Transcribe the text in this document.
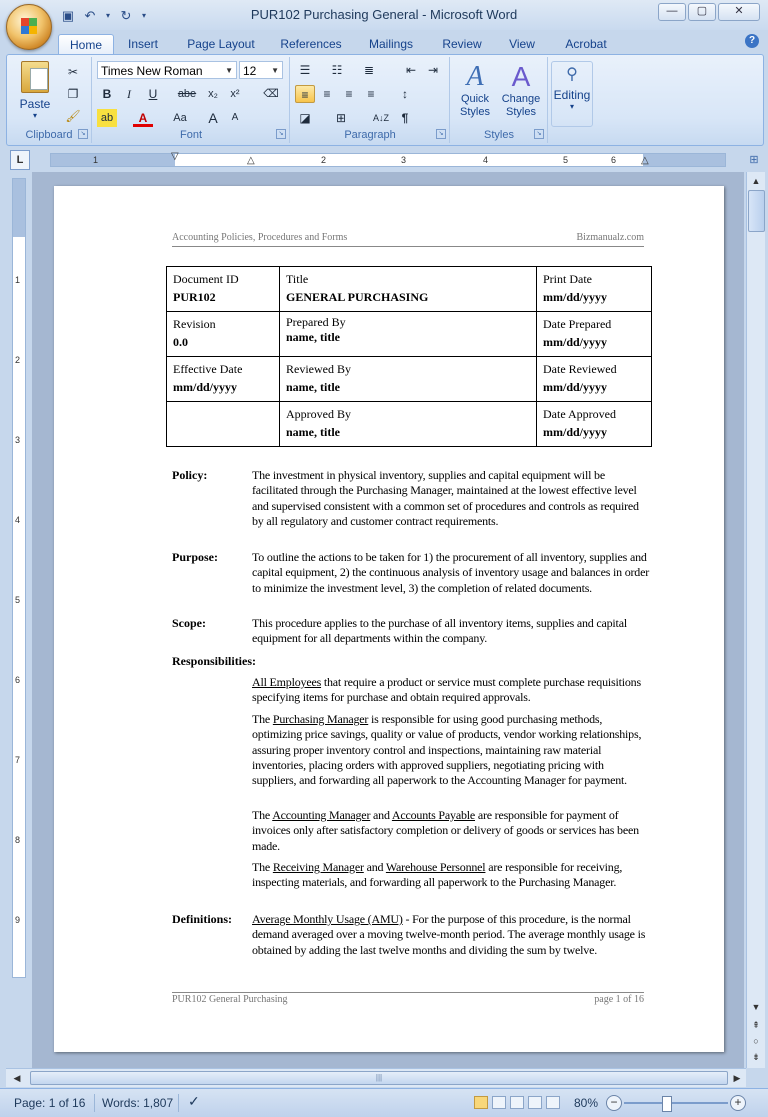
▣ ↶	▾ ↻	▾	PUR102 Purchasing General - Microsoft Word	—	▢	✕
Home	Insert	Page Layout	References	Mailings	Review	View	Acrobat	?
Paste
▾
✂
❐
🖌
Clipboard	↘
Times New Roman	▼ 12 ▼
B	I	U	abe	x₂	x²	⌫
ab	A	Aa	A	A
Font	↘
☰	☷	≣	⇤ ⇥
≡	≡	≡	≡	↕
◪	⊞	A↓Z	¶
Paragraph	↘
A
Quick Styles
A
Change Styles
Styles	↘
⚲
Editing
▾
L	1	2	3	4	5	6
▽	△	△	⊞
1
2
3
4
5
6
7
8
9
Accounting Policies, Procedures and Forms	Bizmanualz.com
Document ID
PUR102	Title
GENERAL PURCHASING	Print Date
mm/dd/yyyy

Revision
0.0	Prepared By
name, title	Date Prepared
mm/dd/yyyy

Effective Date
mm/dd/yyyy	Reviewed By
name, title	Date Reviewed
mm/dd/yyyy

	Approved By
name, title	Date Approved
mm/dd/yyyy
Policy:	The investment in physical inventory, supplies and capital equipment will be facilitated through the Purchasing Manager, maintained at the lowest effective level and supervised consistent with a common set of procedures and controls as required by all regulatory and customer contract requirements.
Purpose:	To outline the actions to be taken for 1) the procurement of all inventory, supplies and capital equipment, 2) the continuous analysis of inventory usage and balances in order to minimize the investment level, 3) the completion of related documents.
Scope:	This procedure applies to the purchase of all inventory items, supplies and capital equipment for all departments within the company.
Responsibilities:
All Employees that require a product or service must complete purchase requisitions specifying items for purchase and obtain required approvals.
The Purchasing Manager is responsible for using good purchasing methods, optimizing price savings, quality or value of products, vendor working relationships, assuring proper inventory control and inspections, maintaining raw material inventories, placing orders with approved suppliers, negotiating pricing with suppliers, and forwarding all paperwork to the Accounting Manager for payment.
The Accounting Manager and Accounts Payable are responsible for payment of invoices only after satisfactory completion or delivery of goods or services has been made.
The Receiving Manager and Warehouse Personnel are responsible for receiving, inspecting materials, and forwarding all paperwork to the Purchasing Manager.
Definitions: Average Monthly Usage (AMU) - For the purpose of this procedure, is the normal demand averaged over a moving twelve-month period. The average monthly usage is obtained by adding the last twelve months and dividing the sum by twelve.
PUR102 General Purchasing	page 1 of 16
▲
▼
⇞
○
⇟
◀	|||	▶
Page: 1 of 16 Words: 1,807 ✓	80%	−	+
